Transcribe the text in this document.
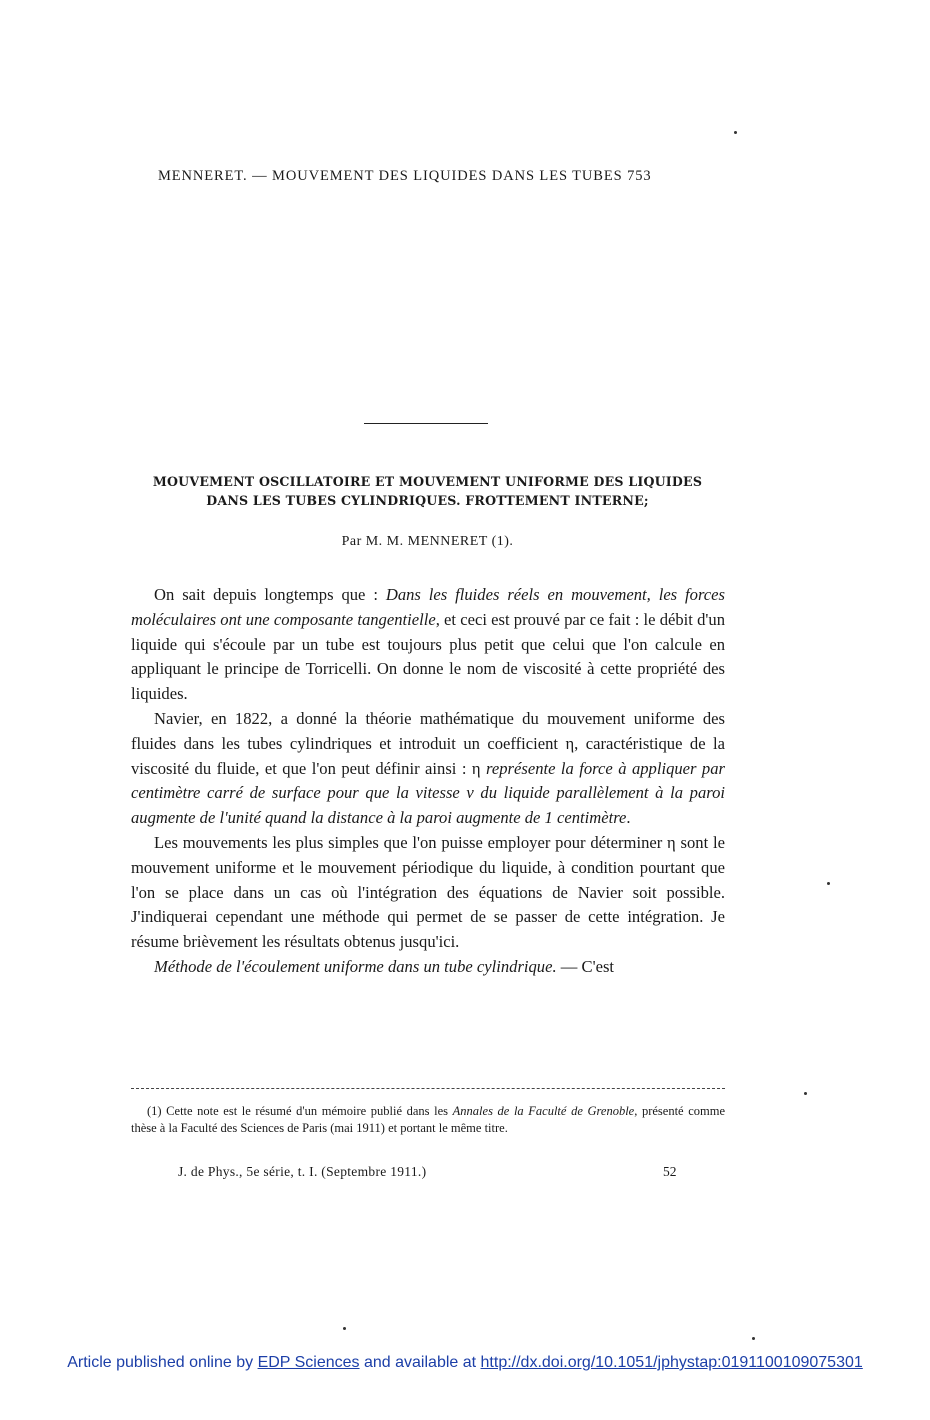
MENNERET. — MOUVEMENT DES LIQUIDES DANS LES TUBES 753
MOUVEMENT OSCILLATOIRE ET MOUVEMENT UNIFORME DES LIQUIDES
DANS LES TUBES CYLINDRIQUES. FROTTEMENT INTERNE;
Par M. M. MENNERET (1).

On sait depuis longtemps que : Dans les fluides réels en mouvement, les forces moléculaires ont une composante tangentielle, et ceci est prouvé par ce fait : le débit d'un liquide qui s'écoule par un tube est toujours plus petit que celui que l'on calcule en appliquant le principe de Torricelli. On donne le nom de viscosité à cette propriété des liquides.

Navier, en 1822, a donné la théorie mathématique du mouvement uniforme des fluides dans les tubes cylindriques et introduit un coefficient η, caractéristique de la viscosité du fluide, et que l'on peut définir ainsi : η représente la force à appliquer par centimètre carré de surface pour que la vitesse v du liquide parallèlement à la paroi augmente de l'unité quand la distance à la paroi augmente de 1 centimètre.

Les mouvements les plus simples que l'on puisse employer pour déterminer η sont le mouvement uniforme et le mouvement périodique du liquide, à condition pourtant que l'on se place dans un cas où l'intégration des équations de Navier soit possible. J'indiquerai cependant une méthode qui permet de se passer de cette intégration. Je résume brièvement les résultats obtenus jusqu'ici.

Méthode de l'écoulement uniforme dans un tube cylindrique. — C'est

(1) Cette note est le résumé d'un mémoire publié dans les Annales de la Faculté de Grenoble, présenté comme thèse à la Faculté des Sciences de Paris (mai 1911) et portant le même titre.
J. de Phys., 5e série, t. I. (Septembre 1911.)	52
Article published online by EDP Sciences and available at http://dx.doi.org/10.1051/jphystap:0191100109075301
